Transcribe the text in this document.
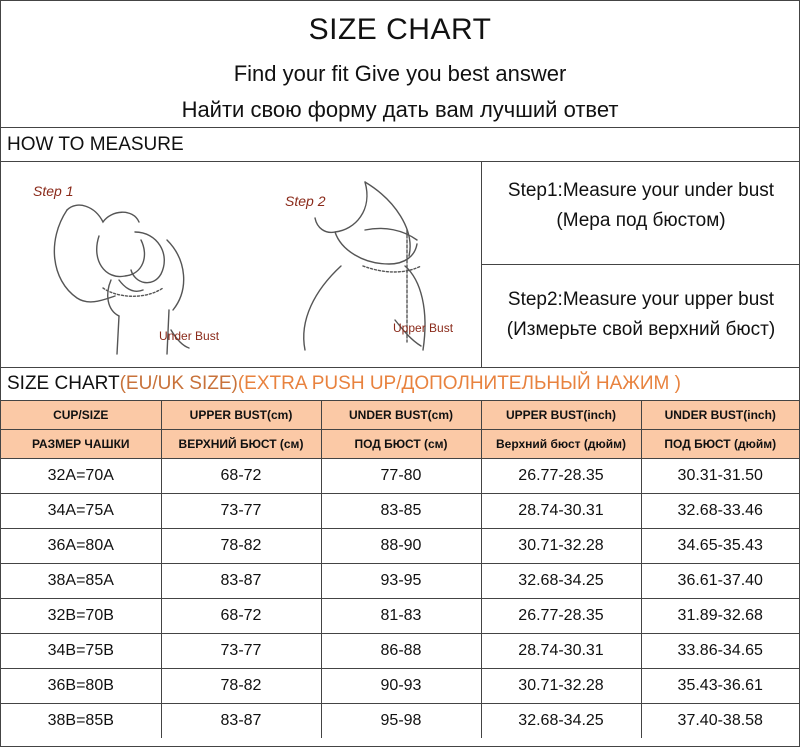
SIZE CHART
Find your fit Give you best answer
Найти свою форму дать вам лучший ответ
HOW TO MEASURE
Step 1
Under Bust
Step 2
Upper Bust
Step1:Measure your under bust
(Мера под бюстом)
Step2:Measure your upper bust
(Измерьте свой верхний бюст)
SIZE CHART(EU/UK SIZE)(EXTRA PUSH UP/ДОПОЛНИТЕЛЬНЫЙ НАЖИМ )
CUP/SIZE	UPPER BUST(cm)	UNDER BUST(cm)	UPPER BUST(inch)	UNDER BUST(inch)
РАЗМЕР ЧАШКИ	ВЕРХНИЙ БЮСТ (см)	ПОД БЮСТ (см)	Верхний бюст (дюйм)	ПОД БЮСТ (дюйм)
32A=70A	68-72	77-80	26.77-28.35	30.31-31.50
34A=75A	73-77	83-85	28.74-30.31	32.68-33.46
36A=80A	78-82	88-90	30.71-32.28	34.65-35.43
38A=85A	83-87	93-95	32.68-34.25	36.61-37.40
32B=70B	68-72	81-83	26.77-28.35	31.89-32.68
34B=75B	73-77	86-88	28.74-30.31	33.86-34.65
36B=80B	78-82	90-93	30.71-32.28	35.43-36.61
38B=85B	83-87	95-98	32.68-34.25	37.40-38.58
